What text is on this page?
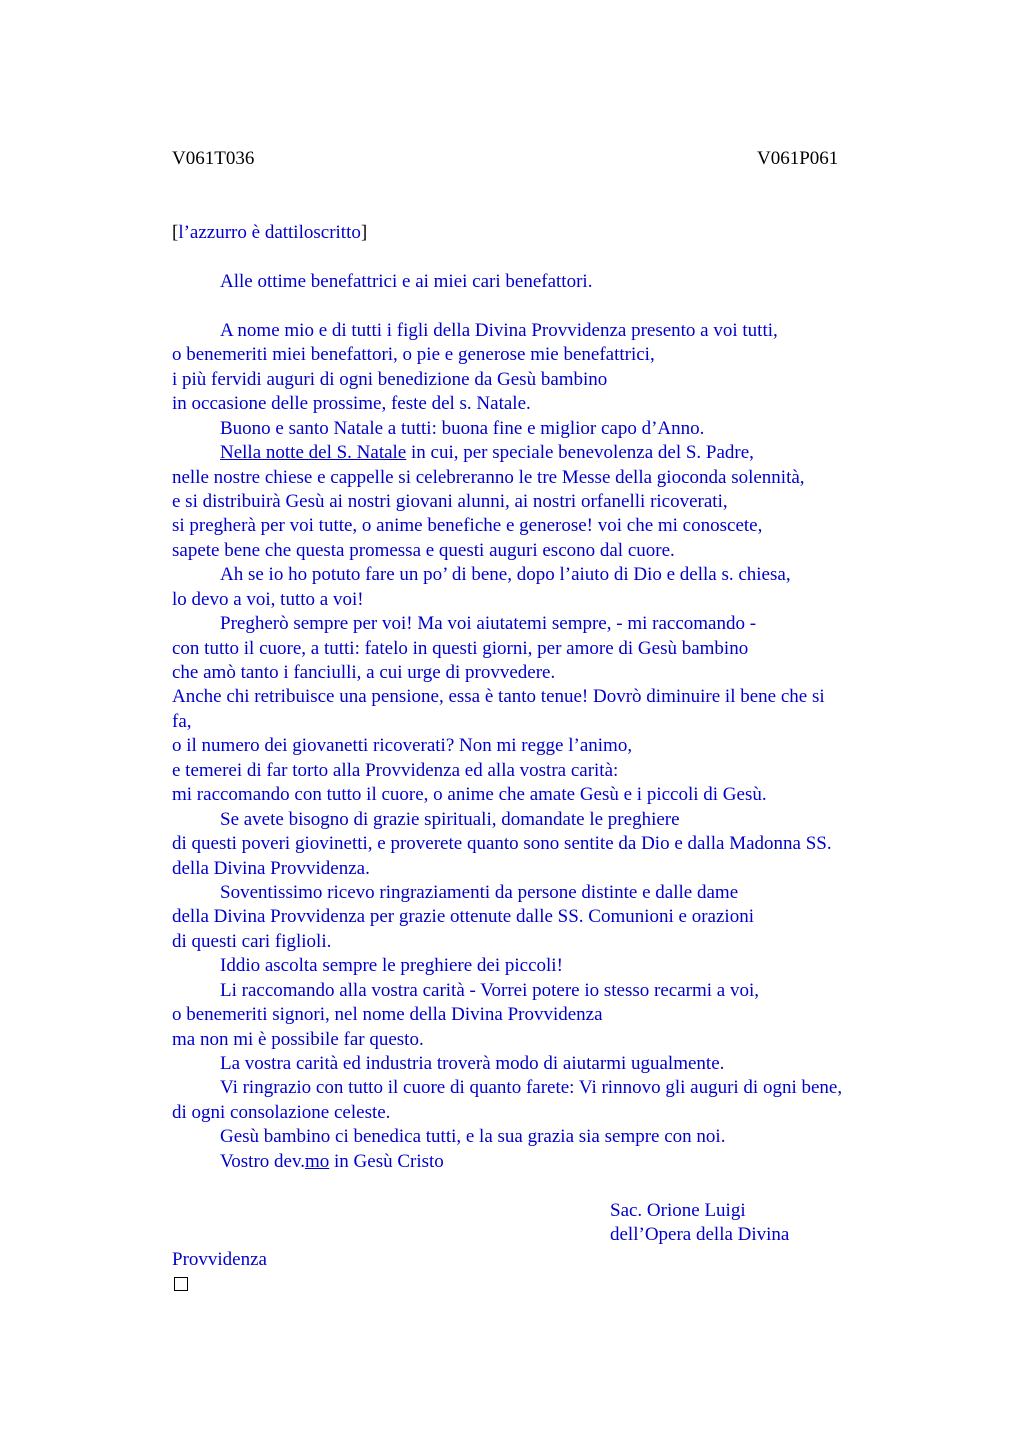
V061T036	V061P061
[l’azzurro è dattiloscritto]
Alle ottime benefattrici e ai miei cari benefattori.
A nome mio e di tutti i figli della Divina Provvidenza presento a voi tutti,
o benemeriti miei benefattori, o pie e generose mie benefattrici,
i più fervidi auguri di ogni benedizione da Gesù bambino
in occasione delle prossime, feste del s. Natale.
Buono e santo Natale a tutti: buona fine e miglior capo d’Anno.
Nella notte del S. Natale in cui, per speciale benevolenza del S. Padre,
nelle nostre chiese e cappelle si celebreranno le tre Messe della gioconda solennità,
e si distribuirà Gesù ai nostri giovani alunni, ai nostri orfanelli ricoverati,
si pregherà per voi tutte, o anime benefiche e generose! voi che mi conoscete,
sapete bene che questa promessa e questi auguri escono dal cuore.
Ah se io ho potuto fare un po’ di bene, dopo l’aiuto di Dio e della s. chiesa,
lo devo a voi, tutto a voi!
Pregherò sempre per voi! Ma voi aiutatemi sempre, - mi raccomando -
con tutto il cuore, a tutti: fatelo in questi giorni, per amore di Gesù bambino
che amò tanto i fanciulli, a cui urge di provvedere.
Anche chi retribuisce una pensione, essa è tanto tenue! Dovrò diminuire il bene che si
fa,
o il numero dei giovanetti ricoverati? Non mi regge l’animo,
e temerei di far torto alla Provvidenza ed alla vostra carità:
mi raccomando con tutto il cuore, o anime che amate Gesù e i piccoli di Gesù.
Se avete bisogno di grazie spirituali, domandate le preghiere
di questi poveri giovinetti, e proverete quanto sono sentite da Dio e dalla Madonna SS.
della Divina Provvidenza.
Soventissimo ricevo ringraziamenti da persone distinte e dalle dame
della Divina Provvidenza per grazie ottenute dalle SS. Comunioni e orazioni
di questi cari figlioli.
Iddio ascolta sempre le preghiere dei piccoli!
Li raccomando alla vostra carità - Vorrei potere io stesso recarmi a voi,
o benemeriti signori, nel nome della Divina Provvidenza
ma non mi è possibile far questo.
La vostra carità ed industria troverà modo di aiutarmi ugualmente.
Vi ringrazio con tutto il cuore di quanto farete: Vi rinnovo gli auguri di ogni bene,
di ogni consolazione celeste.
Gesù bambino ci benedica tutti, e la sua grazia sia sempre con noi.
Vostro dev.mo in Gesù Cristo
Sac. Orione Luigi
dell’Opera della Divina
Provvidenza
